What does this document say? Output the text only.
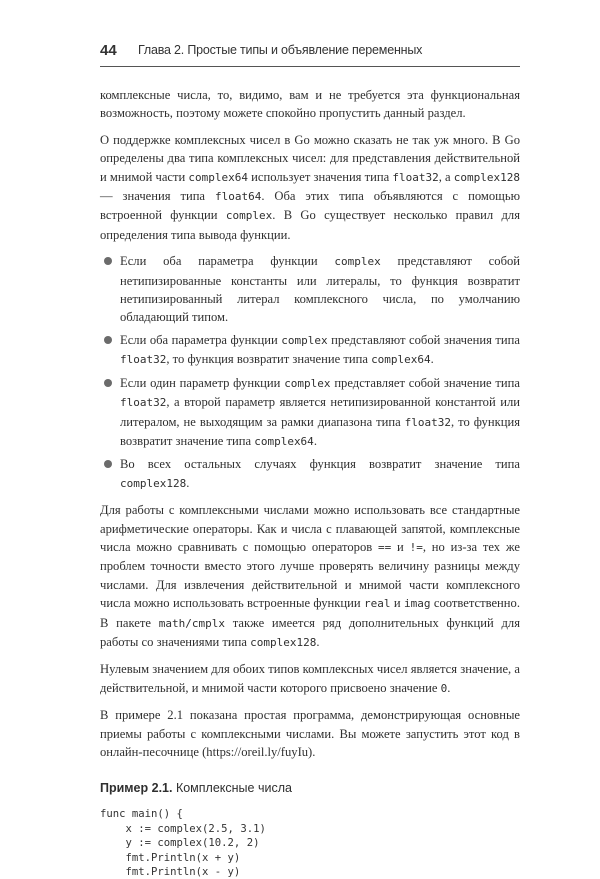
44 Глава 2. Простые типы и объявление переменных

комплексные числа, то, видимо, вам и не требуется эта функциональная возможность, поэтому можете спокойно пропустить данный раздел.

О поддержке комплексных чисел в Go можно сказать не так уж много. В Go определены два типа комплексных чисел: для представления действительной и мнимой части complex64 использует значения типа float32, а complex128 — значения типа float64. Оба этих типа объявляются с помощью встроенной функции complex. В Go существует несколько правил для определения типа вывода функции.

Если оба параметра функции complex представляют собой нетипизированные константы или литералы, то функция возвратит нетипизированный литерал комплексного числа, по умолчанию обладающий типом.
Если оба параметра функции complex представляют собой значения типа float32, то функция возвратит значение типа complex64.
Если один параметр функции complex представляет собой значение типа float32, а второй параметр является нетипизированной константой или литералом, не выходящим за рамки диапазона типа float32, то функция возвратит значение типа complex64.
Во всех остальных случаях функция возвратит значение типа complex128.

Для работы с комплексными числами можно использовать все стандартные арифметические операторы. Как и числа с плавающей запятой, комплексные числа можно сравнивать с помощью операторов == и !=, но из-за тех же проблем точности вместо этого лучше проверять величину разницы между числами. Для извлечения действительной и мнимой части комплексного числа можно использовать встроенные функции real и imag соответственно. В пакете math/cmplx также имеется ряд дополнительных функций для работы со значениями типа complex128.

Нулевым значением для обоих типов комплексных чисел является значение, а действительной, и мнимой части которого присвоено значение 0.

В примере 2.1 показана простая программа, демонстрирующая основные приемы работы с комплексными числами. Вы можете запустить этот код в онлайн-песочнице (https://oreil.ly/fuyIu).

Пример 2.1. Комплексные числа
func main() {
x := complex(2.5, 3.1)
y := complex(10.2, 2)
fmt.Println(x + y)
fmt.Println(x - y)
